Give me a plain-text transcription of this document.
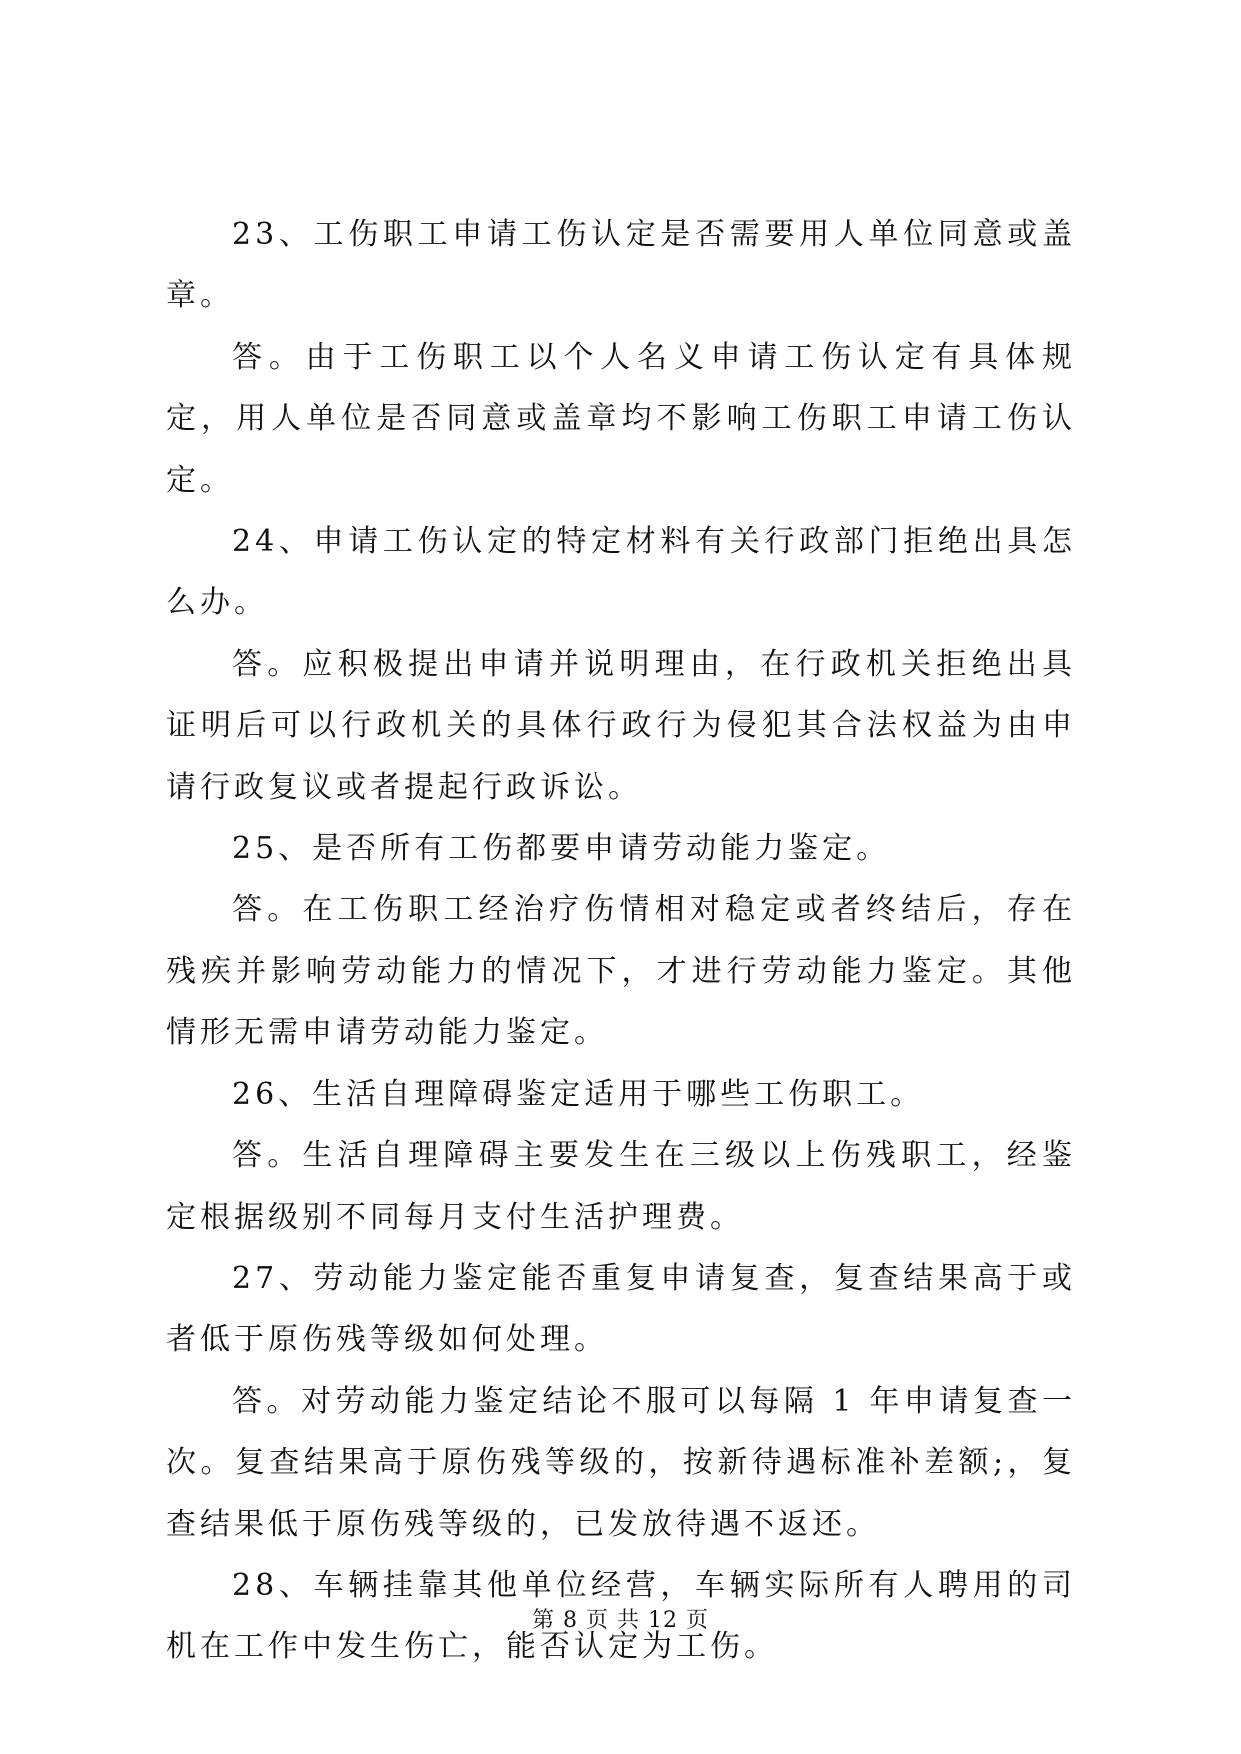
23、工伤职工申请工伤认定是否需要用人单位同意或盖章。

答。由于工伤职工以个人名义申请工伤认定有具体规定，用人单位是否同意或盖章均不影响工伤职工申请工伤认定。

24、申请工伤认定的特定材料有关行政部门拒绝出具怎么办。

答。应积极提出申请并说明理由，在行政机关拒绝出具证明后可以行政机关的具体行政行为侵犯其合法权益为由申请行政复议或者提起行政诉讼。

25、是否所有工伤都要申请劳动能力鉴定。

答。在工伤职工经治疗伤情相对稳定或者终结后，存在残疾并影响劳动能力的情况下，才进行劳动能力鉴定。其他情形无需申请劳动能力鉴定。

26、生活自理障碍鉴定适用于哪些工伤职工。

答。生活自理障碍主要发生在三级以上伤残职工，经鉴定根据级别不同每月支付生活护理费。

27、劳动能力鉴定能否重复申请复查，复查结果高于或者低于原伤残等级如何处理。

答。对劳动能力鉴定结论不服可以每隔 1 年申请复查一次。复查结果高于原伤残等级的，按新待遇标准补差额;，复查结果低于原伤残等级的，已发放待遇不返还。

28、车辆挂靠其他单位经营，车辆实际所有人聘用的司机在工作中发生伤亡，能否认定为工伤。

第 8 页 共 12 页
